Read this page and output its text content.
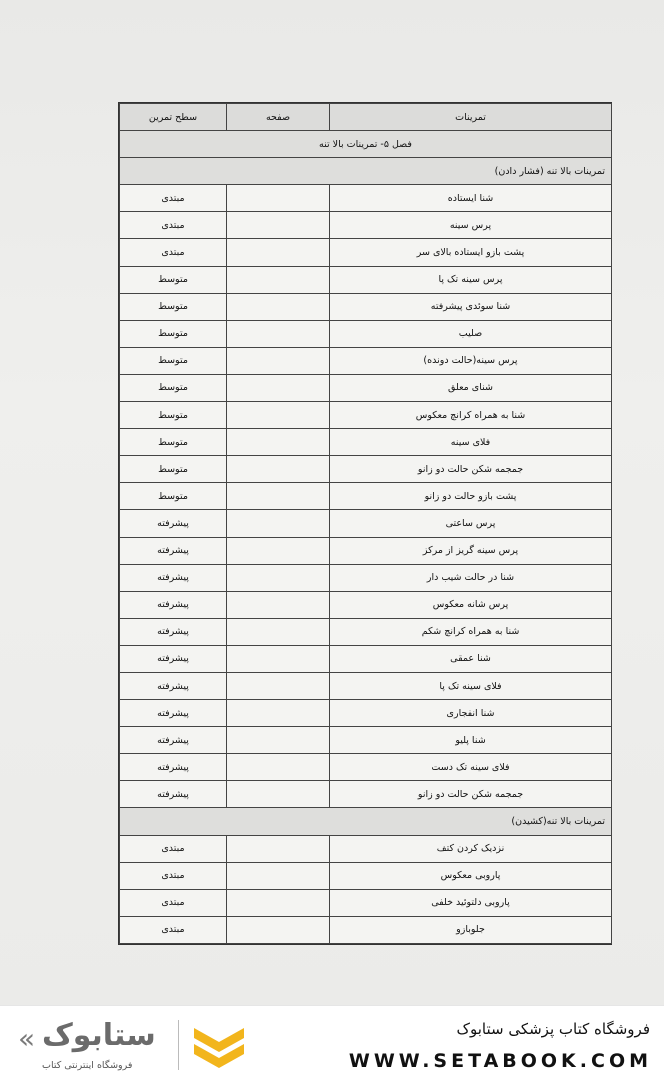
تمرینات	صفحه	سطح تمرین
فصل ۵- تمرینات بالا تنه		
تمرینات بالا تنه (فشار دادن)		
شنا ایستاده		مبتدی
پرس سینه		مبتدی
پشت بازو ایستاده بالای سر		مبتدی
پرس سینه تک پا		متوسط
شنا سوئدی پیشرفته		متوسط
صلیب		متوسط
پرس سینه(حالت دونده)		متوسط
شنای معلق		متوسط
شنا به همراه کرانچ معکوس		متوسط
فلای سینه		متوسط
جمجمه شکن حالت دو زانو		متوسط
پشت بازو حالت دو زانو		متوسط
پرس ساعتی		پیشرفته
پرس سینه گریز از مرکز		پیشرفته
شنا در حالت شیب دار		پیشرفته
پرس شانه معکوس		پیشرفته
شنا به همراه کرانچ شکم		پیشرفته
شنا عمقی		پیشرفته
فلای سینه تک پا		پیشرفته
شنا انفجاری		پیشرفته
شنا پلیو		پیشرفته
فلای سینه تک دست		پیشرفته
جمجمه شکن حالت دو زانو		پیشرفته
تمرینات بالا تنه(کشیدن)		
نزدیک کردن کتف		مبتدی
پاروبی معکوس		مبتدی
پاروبی دلتوئید خلفی		مبتدی
جلوبازو		مبتدی
فروشگاه کتاب پزشکی ستابوک
WWW.SETABOOK.COM
« ستابوک
فروشگاه اینترنتی کتاب
